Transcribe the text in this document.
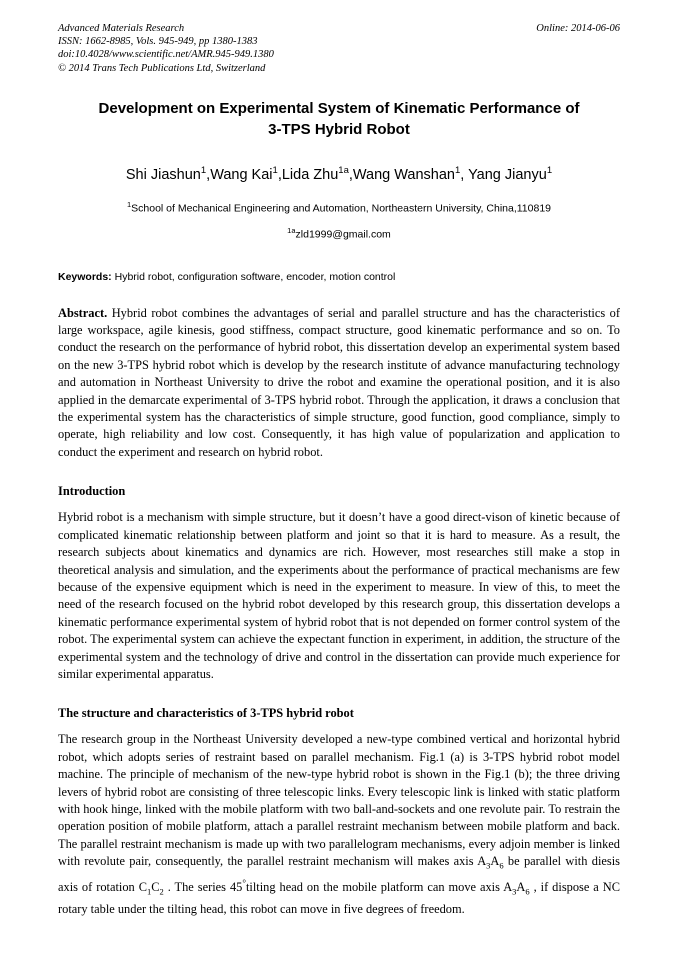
Advanced Materials Research
ISSN: 1662-8985, Vols. 945-949, pp 1380-1383
doi:10.4028/www.scientific.net/AMR.945-949.1380
© 2014 Trans Tech Publications Ltd, Switzerland
Online: 2014-06-06
Development on Experimental System of Kinematic Performance of
3-TPS Hybrid Robot
Shi Jiashun$^1$,Wang Kai$^1$,Lida Zhu$^{1a}$,Wang Wanshan$^1$, Yang Jianyu$^1$
$^1$School of Mechanical Engineering and Automation, Northeastern University, China,110819
$^{1a}$zld1999@gmail.com
Keywords: Hybrid robot, configuration software, encoder, motion control
Abstract. Hybrid robot combines the advantages of serial and parallel structure and has the characteristics of large workspace, agile kinesis, good stiffness, compact structure, good kinematic performance and so on. To conduct the research on the performance of hybrid robot, this dissertation develop an experimental system based on the new 3-TPS hybrid robot which is develop by the research institute of advance manufacturing technology and automation in Northeast University to drive the robot and examine the operational position, and it is also applied in the demarcate experimental of 3-TPS hybrid robot. Through the application, it draws a conclusion that the experimental system has the characteristics of simple structure, good function, good compliance, simply to operate, high reliability and low cost. Consequently, it has high value of popularization and application to conduct the experiment and research on hybrid robot.
Introduction

Hybrid robot is a mechanism with simple structure, but it doesn’t have a good direct-vison of kinetic because of complicated kinematic relationship between platform and joint so that it is hard to measure. As a result, the research subjects about kinematics and dynamics are rich. However, most researches still make a stop in theoretical analysis and simulation, and the experiments about the performance of practical mechanisms are few because of the expensive equipment which is need in the experiment to measure. In view of this, to meet the need of the research focused on the hybrid robot developed by this research group, this dissertation develops a kinematic performance experimental system of hybrid robot that is not depended on former control system of the robot. The experimental system can achieve the expectant function in experiment, in addition, the structure of the experimental system and the technology of drive and control in the dissertation can provide much experience for similar experimental apparatus.

The structure and characteristics of 3-TPS hybrid robot

The research group in the Northeast University developed a new-type combined vertical and horizontal hybrid robot, which adopts series of restraint based on parallel mechanism. Fig.1 (a) is 3-TPS hybrid robot model machine. The principle of mechanism of the new-type hybrid robot is shown in the Fig.1 (b); the three driving levers of hybrid robot are consisting of three telescopic links. Every telescopic link is linked with static platform with hook hinge, linked with the mobile platform with two ball-and-sockets and one revolute pair. To restrain the operation position of mobile platform, attach a parallel restraint mechanism between mobile platform and back. The parallel restraint mechanism is made up with two parallelogram mechanisms, every adjoin member is linked with revolute pair, consequently, the parallel restraint mechanism will makes axis $A_3A_6$ be parallel with diesis axis of rotation $C_1C_2$ . The series 45°tilting head on the mobile platform can move axis $A_3A_6$ , if dispose a NC rotary table under the tilting head, this robot can move in five degrees of freedom.
